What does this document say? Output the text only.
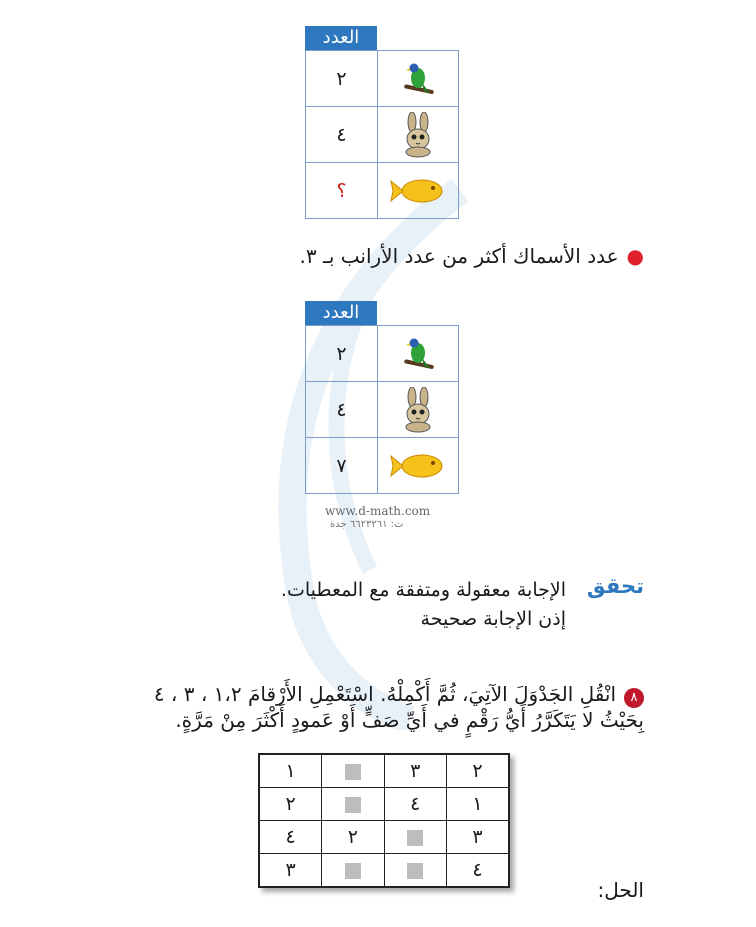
العدد
٢
٤
؟
●عدد الأسماك أكثر من عدد الأرانب بـ ٣.
العدد
٢
٤
٧
www.d-math.com
ت: ٦٦٢٣٢٦١ جدة
تحقق
الإجابة معقولة ومتفقة مع المعطيات.
إذن الإجابة صحيحة
٨
انْقُلِ الجَدْوَلَ الآتِيَ، ثُمَّ أَكْمِلْهُ. اسْتَعْمِلِ الأَرْقامَ ١،٢ ، ٣ ، ٤
بِحَيْثُ لا يَتَكَرَّرُ أَيُّ رَقْمٍ في أَيِّ صَفٍّ أَوْ عَمودٍ أَكْثَرَ مِنْ مَرَّةٍ.
٢	٣		١
١	٤		٢
٣		٢	٤
٤			٣
الحل:
